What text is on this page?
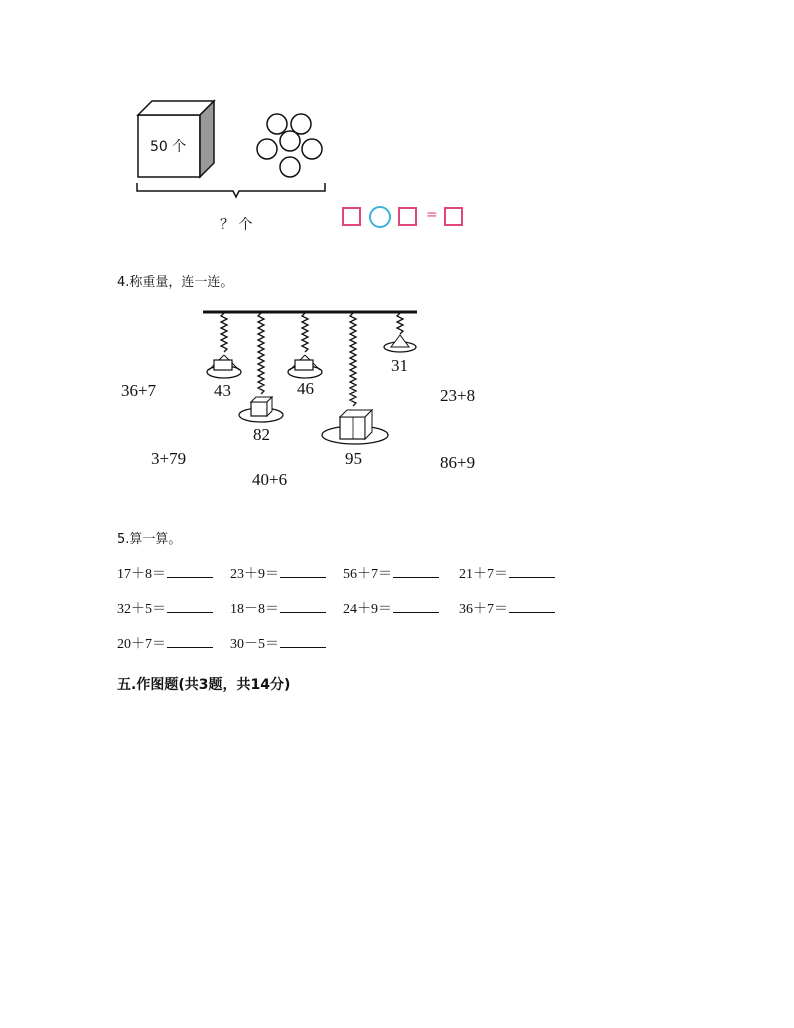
50 个
？ 个
=
4.称重量，连一连。
43
82
46
95
31
36+7	23+8
3+79	86+9
40+6
5.算一算。
17＋8＝	23＋9＝	56＋7＝	21＋7＝
32＋5＝	18－8＝	24＋9＝	36＋7＝
20＋7＝	30－5＝
五.作图题(共3题，共14分)
